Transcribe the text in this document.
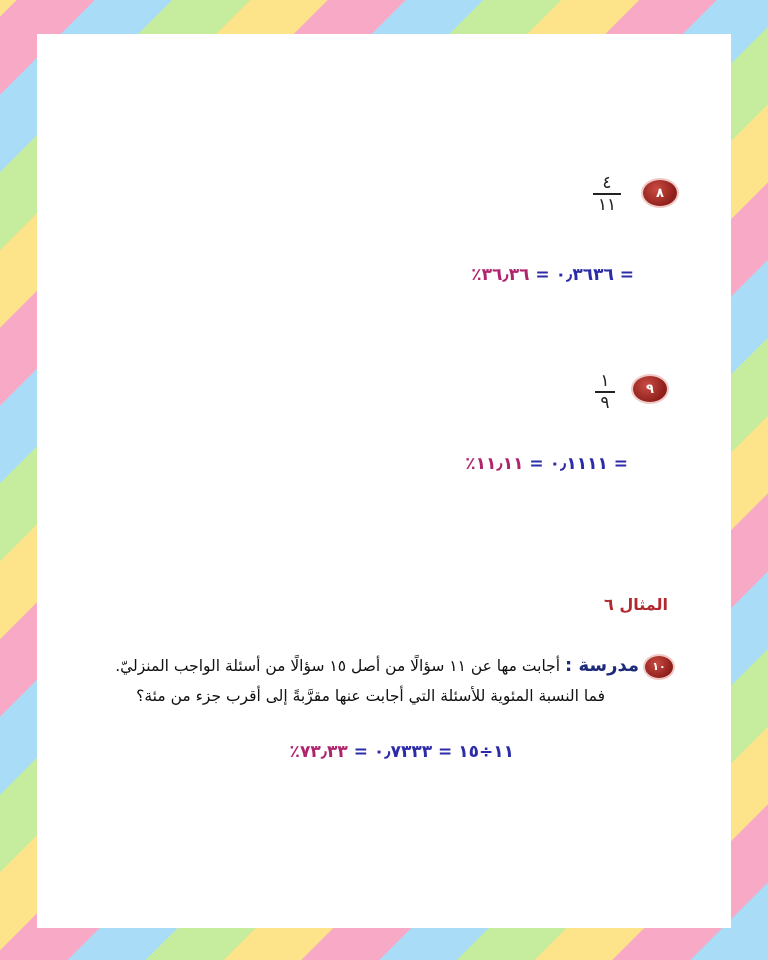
٨
٤
١١
= ٠٫٣٦٣٦ = ٣٦٫٣٦٪
٩
١
٩
= ٠٫١١١١ = ١١٫١١٪
المثال ٦
١٠
مدرسة : أجابت مها عن ١١ سؤالًا من أصل ١٥ سؤالًا من أسئلة الواجب المنزليّ.
فما النسبة المئوية للأسئلة التي أجابت عنها مقرَّبةً إلى أقرب جزء من مئة؟
١١÷١٥ = ٠٫٧٣٣٣ = ٧٣٫٣٣٪
